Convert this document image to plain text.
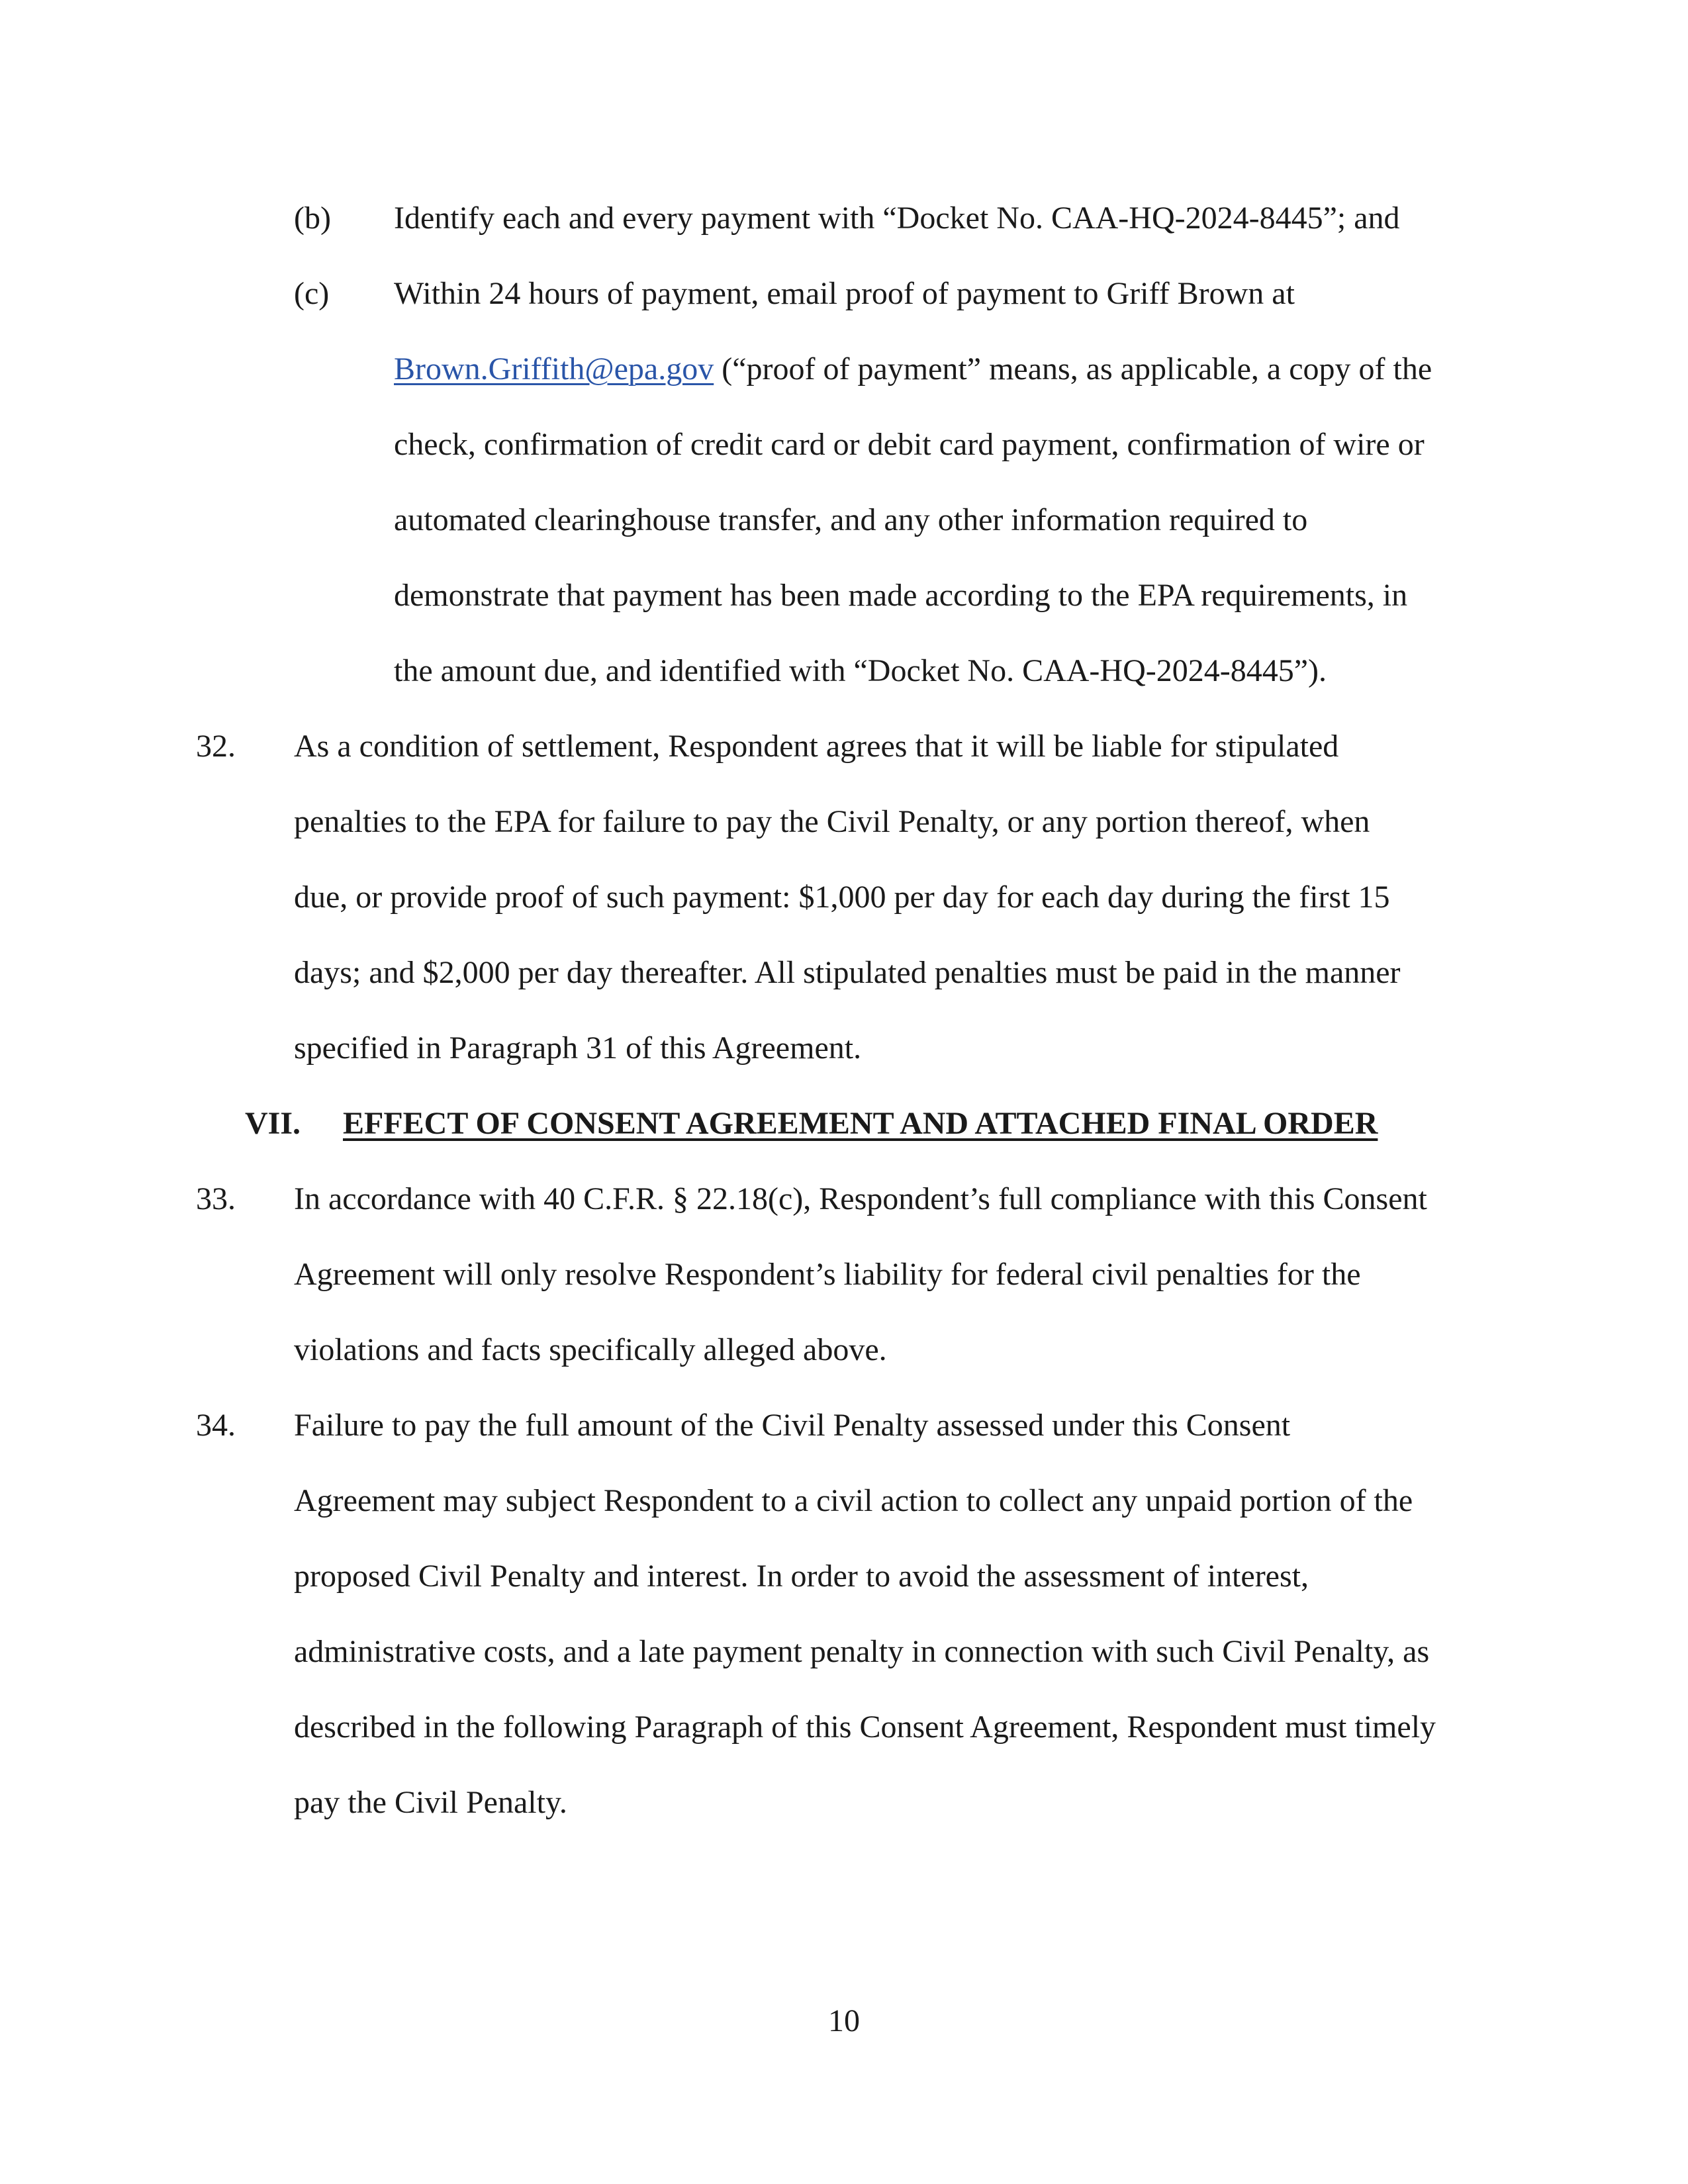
(b) Identify each and every payment with “Docket No. CAA-HQ-2024-8445”; and
(c) Within 24 hours of payment, email proof of payment to Griff Brown at
Brown.Griffith@epa.gov (“proof of payment” means, as applicable, a copy of the
check, confirmation of credit card or debit card payment, confirmation of wire or
automated clearinghouse transfer, and any other information required to
demonstrate that payment has been made according to the EPA requirements, in
the amount due, and identified with “Docket No. CAA-HQ-2024-8445”).
32. As a condition of settlement, Respondent agrees that it will be liable for stipulated
penalties to the EPA for failure to pay the Civil Penalty, or any portion thereof, when
due, or provide proof of such payment: $1,000 per day for each day during the first 15
days; and $2,000 per day thereafter. All stipulated penalties must be paid in the manner
specified in Paragraph 31 of this Agreement.
VII. EFFECT OF CONSENT AGREEMENT AND ATTACHED FINAL ORDER
33. In accordance with 40 C.F.R. § 22.18(c), Respondent’s full compliance with this Consent
Agreement will only resolve Respondent’s liability for federal civil penalties for the
violations and facts specifically alleged above.
34. Failure to pay the full amount of the Civil Penalty assessed under this Consent
Agreement may subject Respondent to a civil action to collect any unpaid portion of the
proposed Civil Penalty and interest. In order to avoid the assessment of interest,
administrative costs, and a late payment penalty in connection with such Civil Penalty, as
described in the following Paragraph of this Consent Agreement, Respondent must timely
pay the Civil Penalty.
10
